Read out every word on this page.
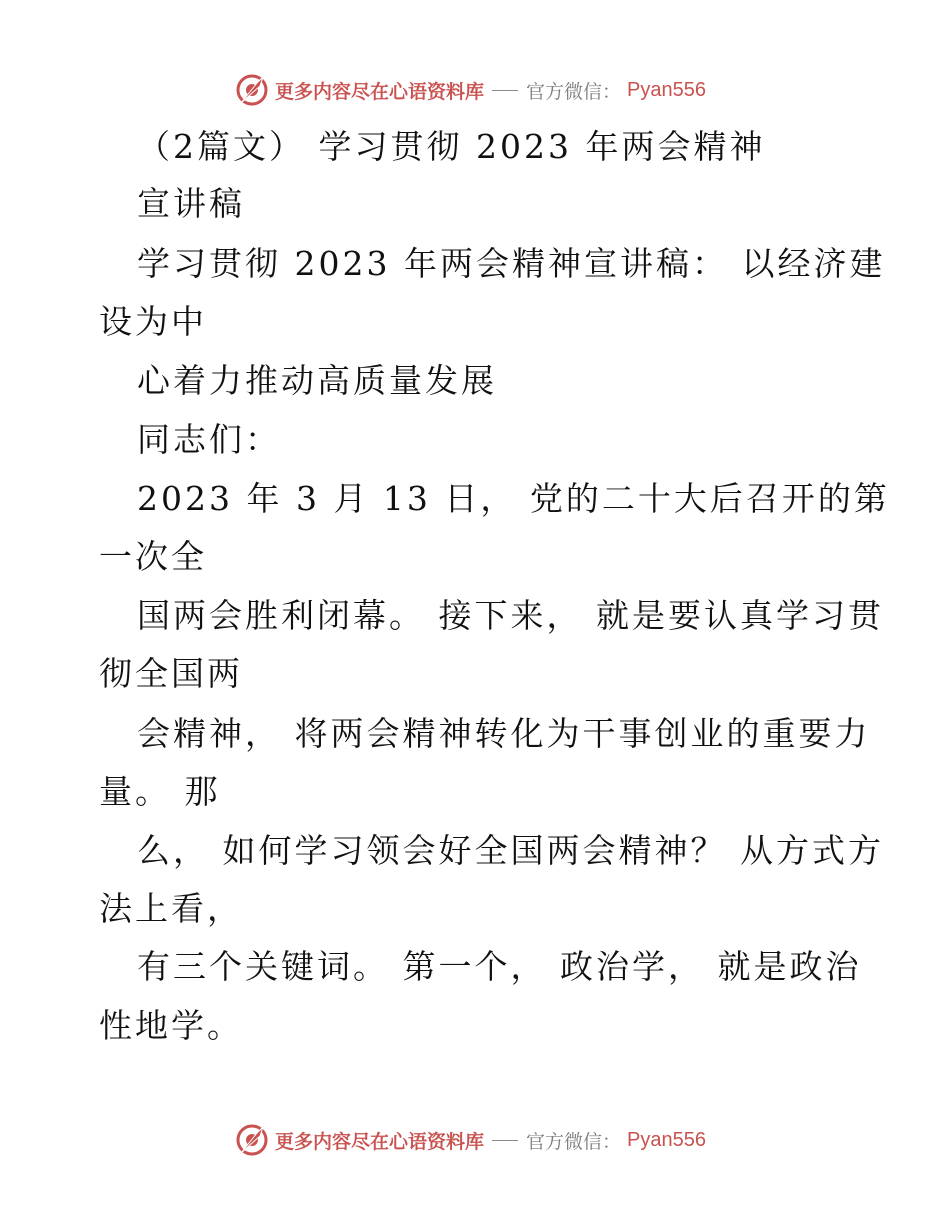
更多内容尽在心语资料库 官方微信： Pyan556
（2篇文） 学习贯彻 2023 年两会精神
宣讲稿
学习贯彻 2023 年两会精神宣讲稿： 以经济建
设为中
心着力推动高质量发展
同志们：
2023 年 3 月 13 日， 党的二十大后召开的第
一次全
国两会胜利闭幕。 接下来， 就是要认真学习贯
彻全国两
会精神， 将两会精神转化为干事创业的重要力
量。 那
么， 如何学习领会好全国两会精神？ 从方式方
法上看，
有三个关键词。 第一个， 政治学， 就是政治
性地学。
更多内容尽在心语资料库 官方微信： Pyan556
